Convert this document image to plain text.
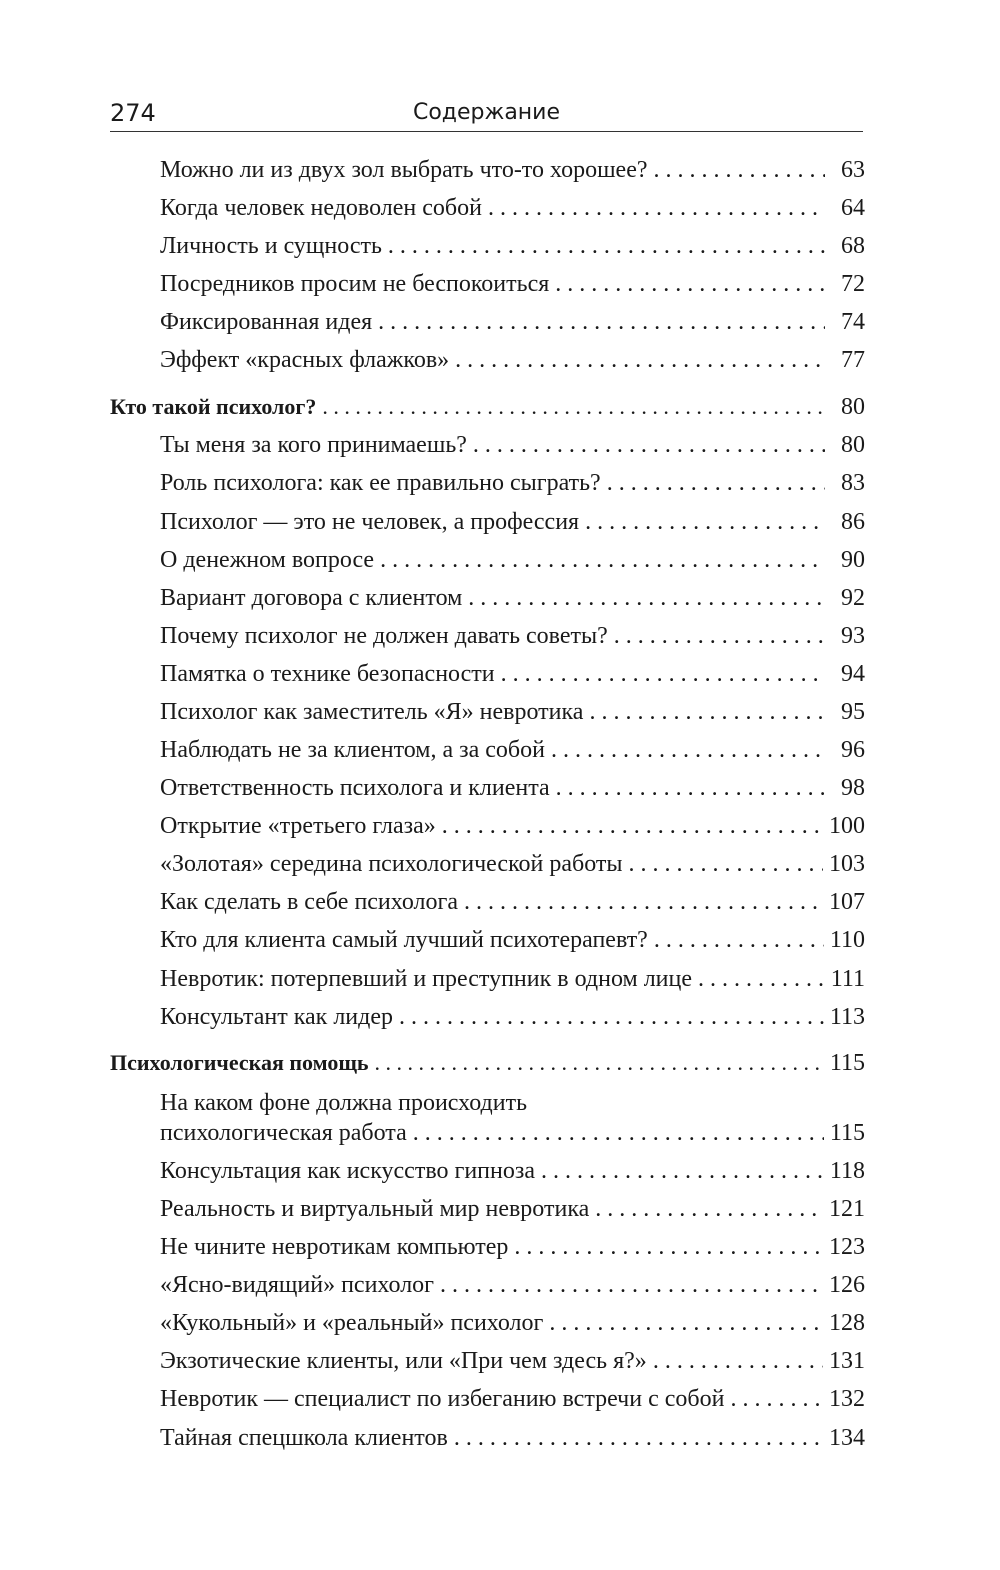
274	Содержание
Можно ли из двух зол выбрать что-то хорошее? . . .	63
Когда человек недоволен собой . . .	64
Личность и сущность . . .	68
Посредников просим не беспокоиться . . .	72
Фиксированная идея . . .	74
Эффект «красных флажков» . . .	77
Кто такой психолог? . . .	80
Ты меня за кого принимаешь? . . .	80
Роль психолога: как ее правильно сыграть? . . .	83
Психолог — это не человек, а профессия . . .	86
О денежном вопросе . . .	90
Вариант договора с клиентом . . .	92
Почему психолог не должен давать советы? . . .	93
Памятка о технике безопасности . . .	94
Психолог как заместитель «Я» невротика . . .	95
Наблюдать не за клиентом, а за собой . . .	96
Ответственность психолога и клиента . . .	98
Открытие «третьего глаза» . . .	100
«Золотая» середина психологической работы . . .	103
Как сделать в себе психолога . . .	107
Кто для клиента самый лучший психотерапевт? . . .	110
Невротик: потерпевший и преступник в одном лице . . .	111
Консультант как лидер . . .	113
Психологическая помощь . . .	115
На каком фоне должна происходить
психологическая работа . . .	115
Консультация как искусство гипноза . . .	118
Реальность и виртуальный мир невротика . . .	121
Не чините невротикам компьютер . . .	123
«Ясно-видящий» психолог . . .	126
«Кукольный» и «реальный» психолог . . .	128
Экзотические клиенты, или «При чем здесь я?» . . .	131
Невротик — специалист по избеганию встречи с собой . . .	132
Тайная спецшкола клиентов . . .	134
